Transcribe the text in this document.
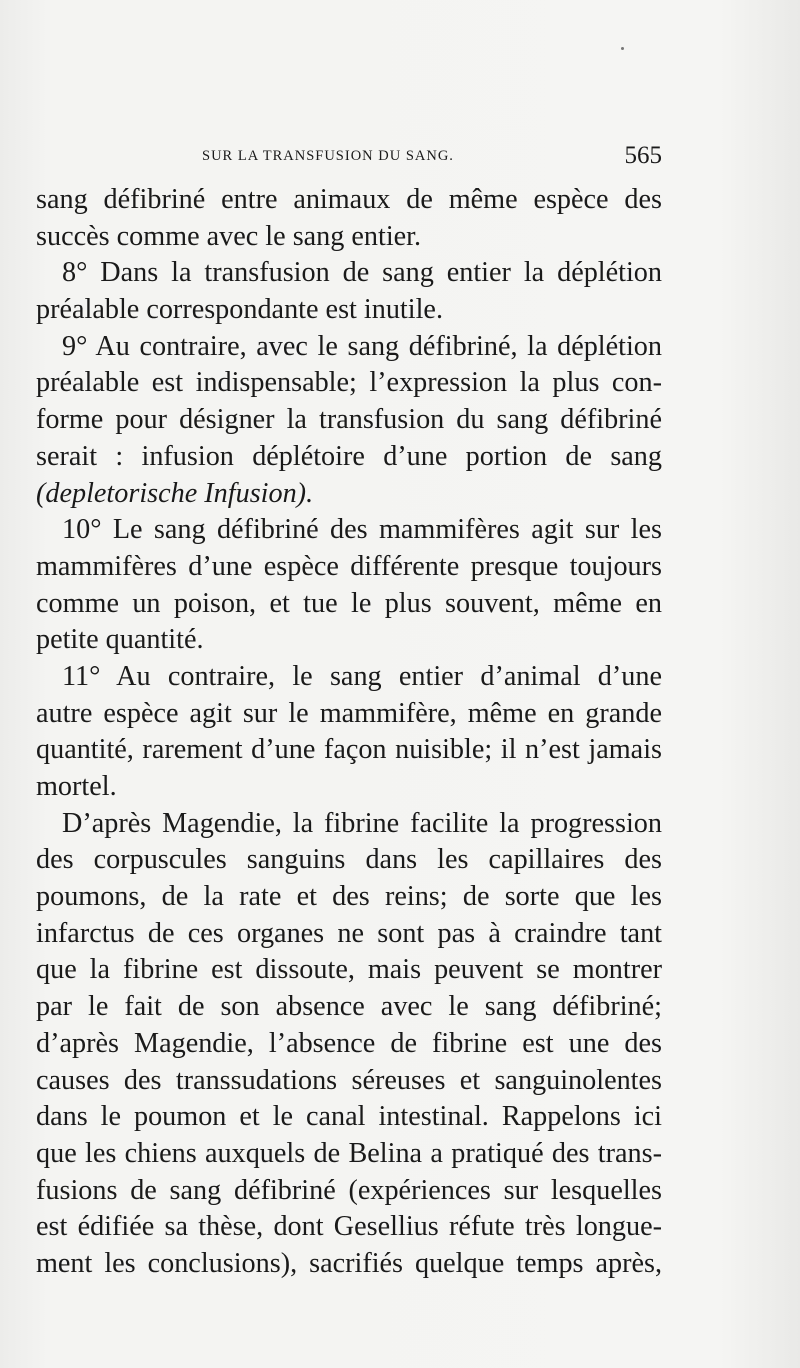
SUR LA TRANSFUSION DU SANG.	565
sang défibriné entre animaux de même espèce des
succès comme avec le sang entier.
8° Dans la transfusion de sang entier la déplétion
préalable correspondante est inutile.
9° Au contraire, avec le sang défibriné, la déplétion
préalable est indispensable; l’expression la plus con-
forme pour désigner la transfusion du sang défibriné
serait : infusion déplétoire d’une portion de sang
(depletorische Infusion).
10° Le sang défibriné des mammifères agit sur les
mammifères d’une espèce différente presque toujours
comme un poison, et tue le plus souvent, même en
petite quantité.
11° Au contraire, le sang entier d’animal d’une
autre espèce agit sur le mammifère, même en grande
quantité, rarement d’une façon nuisible; il n’est jamais
mortel.
D’après Magendie, la fibrine facilite la progression
des corpuscules sanguins dans les capillaires des
poumons, de la rate et des reins; de sorte que les
infarctus de ces organes ne sont pas à craindre tant
que la fibrine est dissoute, mais peuvent se montrer
par le fait de son absence avec le sang défibriné;
d’après Magendie, l’absence de fibrine est une des
causes des transsudations séreuses et sanguinolentes
dans le poumon et le canal intestinal. Rappelons ici
que les chiens auxquels de Belina a pratiqué des trans-
fusions de sang défibriné (expériences sur lesquelles
est édifiée sa thèse, dont Gesellius réfute très longue-
ment les conclusions), sacrifiés quelque temps après,
